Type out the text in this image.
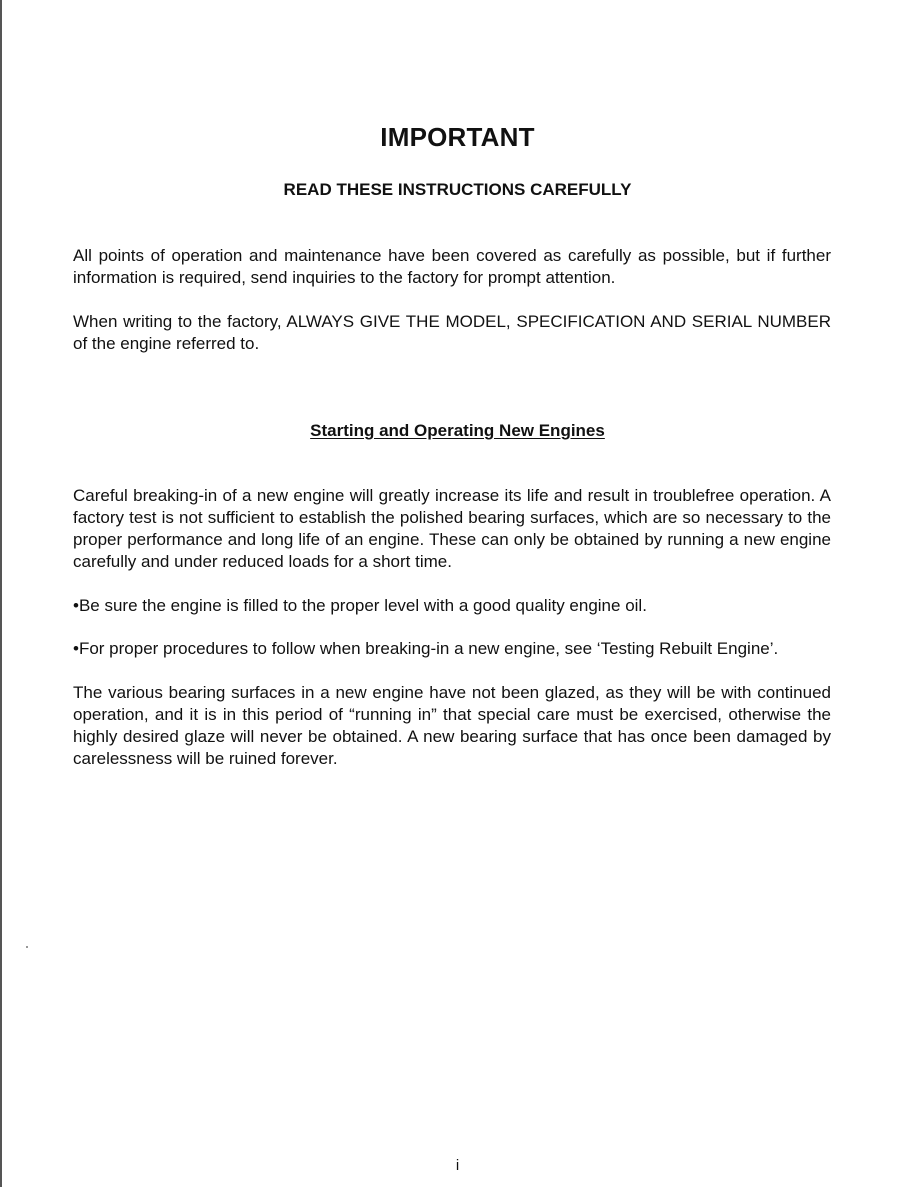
IMPORTANT
READ THESE INSTRUCTIONS CAREFULLY

All points of operation and maintenance have been covered as carefully as possible, but if further information is required, send inquiries to the factory for prompt attention.

When writing to the factory, ALWAYS GIVE THE MODEL, SPECIFICATION AND SERIAL NUMBER of the engine referred to.

Starting and Operating New Engines

Careful breaking-in of a new engine will greatly increase its life and result in troublefree operation. A factory test is not sufficient to establish the polished bearing surfaces, which are so necessary to the proper performance and long life of an engine. These can only be obtained by running a new engine carefully and under reduced loads for a short time.

•Be sure the engine is filled to the proper level with a good quality engine oil.

•For proper procedures to follow when breaking-in a new engine, see ‘Testing Rebuilt Engine’.

The various bearing surfaces in a new engine have not been glazed, as they will be with continued operation, and it is in this period of “running in” that special care must be exercised, otherwise the highly desired glaze will never be obtained. A new bearing surface that has once been damaged by carelessness will be ruined forever.

i
